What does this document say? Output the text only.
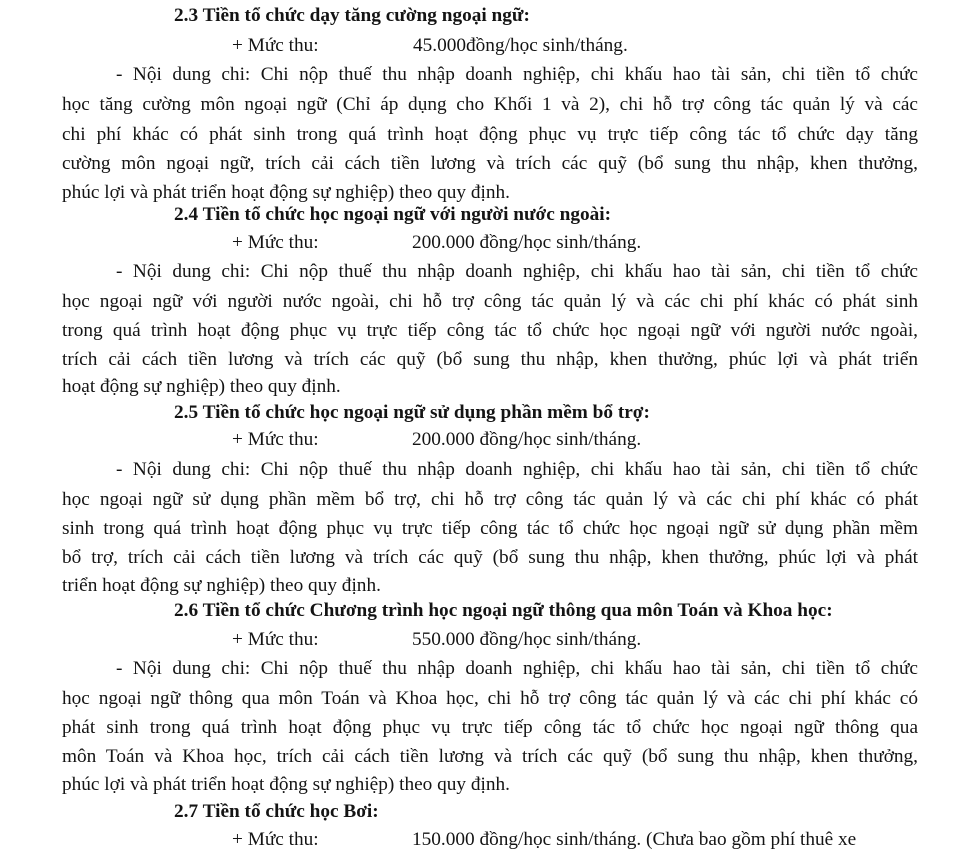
2.3 Tiền tổ chức dạy tăng cường ngoại ngữ:
+ Mức thu:	45.000đồng/học sinh/tháng.
- Nội dung chi: Chi nộp thuế thu nhập doanh nghiệp, chi khấu hao tài sản, chi tiền tổ chức
học tăng cường môn ngoại ngữ (Chỉ áp dụng cho Khối 1 và 2), chi hỗ trợ công tác quản lý và các
chi phí khác có phát sinh trong quá trình hoạt động phục vụ trực tiếp công tác tổ chức dạy tăng
cường môn ngoại ngữ, trích cải cách tiền lương và trích các quỹ (bổ sung thu nhập, khen thưởng,
phúc lợi và phát triển hoạt động sự nghiệp) theo quy định.
2.4 Tiền tổ chức học ngoại ngữ với người nước ngoài:
+ Mức thu:	200.000 đồng/học sinh/tháng.
- Nội dung chi: Chi nộp thuế thu nhập doanh nghiệp, chi khấu hao tài sản, chi tiền tổ chức
học ngoại ngữ với người nước ngoài, chi hỗ trợ công tác quản lý và các chi phí khác có phát sinh
trong quá trình hoạt động phục vụ trực tiếp công tác tổ chức học ngoại ngữ với người nước ngoài,
trích cải cách tiền lương và trích các quỹ (bổ sung thu nhập, khen thưởng, phúc lợi và phát triển
hoạt động sự nghiệp) theo quy định.
2.5 Tiền tổ chức học ngoại ngữ sử dụng phần mềm bổ trợ:
+ Mức thu:	200.000 đồng/học sinh/tháng.
- Nội dung chi: Chi nộp thuế thu nhập doanh nghiệp, chi khấu hao tài sản, chi tiền tổ chức
học ngoại ngữ sử dụng phần mềm bổ trợ, chi hỗ trợ công tác quản lý và các chi phí khác có phát
sinh trong quá trình hoạt động phục vụ trực tiếp công tác tổ chức học ngoại ngữ sử dụng phần mềm
bổ trợ, trích cải cách tiền lương và trích các quỹ (bổ sung thu nhập, khen thưởng, phúc lợi và phát
triển hoạt động sự nghiệp) theo quy định.
2.6 Tiền tổ chức Chương trình học ngoại ngữ thông qua môn Toán và Khoa học:
+ Mức thu:	550.000 đồng/học sinh/tháng.
- Nội dung chi: Chi nộp thuế thu nhập doanh nghiệp, chi khấu hao tài sản, chi tiền tổ chức
học ngoại ngữ thông qua môn Toán và Khoa học, chi hỗ trợ công tác quản lý và các chi phí khác có
phát sinh trong quá trình hoạt động phục vụ trực tiếp công tác tổ chức học ngoại ngữ thông qua
môn Toán và Khoa học, trích cải cách tiền lương và trích các quỹ (bổ sung thu nhập, khen thưởng,
phúc lợi và phát triển hoạt động sự nghiệp) theo quy định.
2.7 Tiền tổ chức học Bơi:
+ Mức thu:	150.000 đồng/học sinh/tháng. (Chưa bao gồm phí thuê xe
